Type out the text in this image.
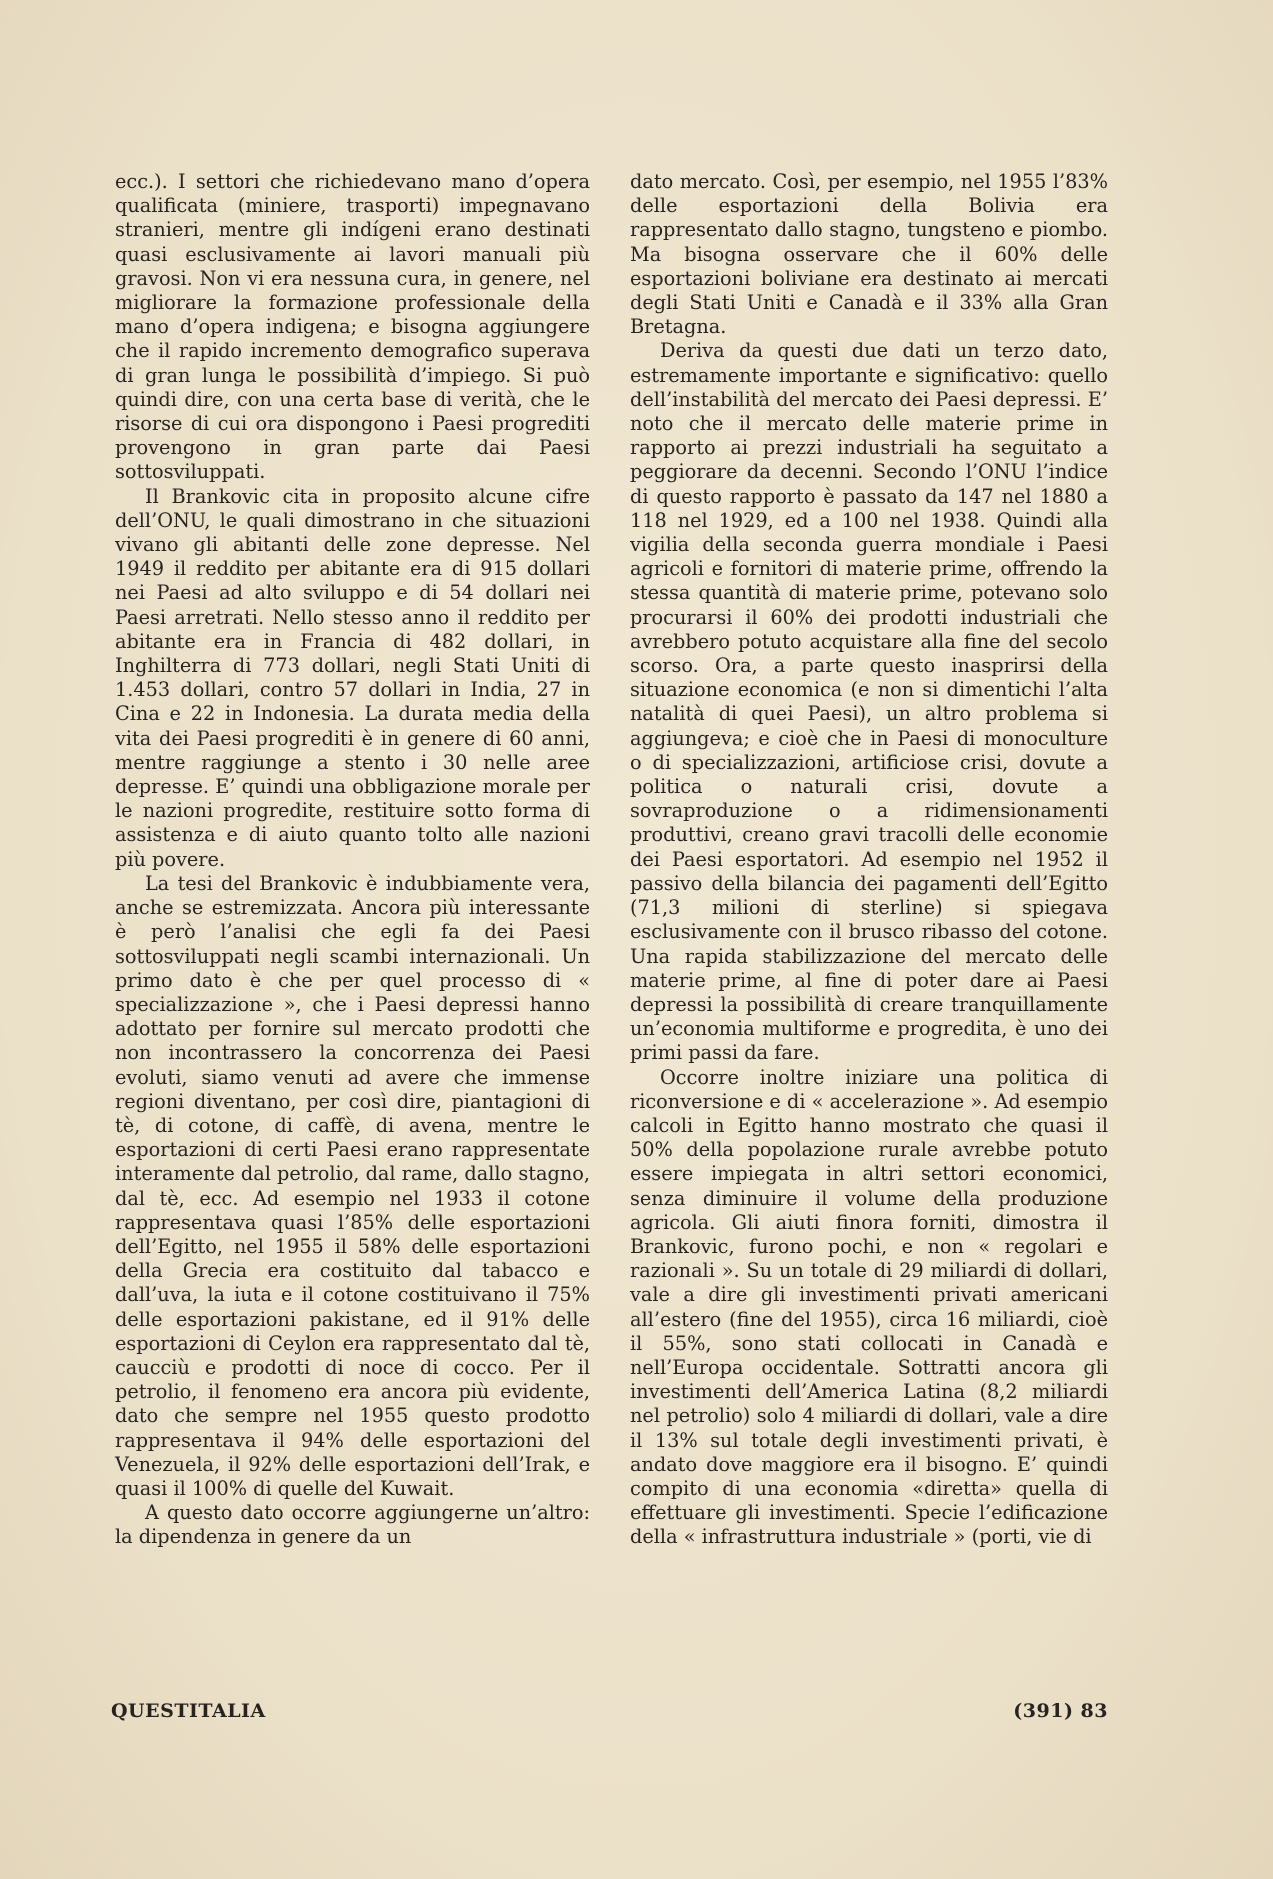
ecc.). I settori che richiedevano mano d’opera qualificata (miniere, trasporti) impegnavano stranieri, mentre gli indígeni erano destinati quasi esclusivamente ai lavori manuali più gravosi. Non vi era nessuna cura, in genere, nel migliorare la formazione professionale della mano d’opera indigena; e bisogna aggiungere che il rapido incremento demografico superava di gran lunga le possibilità d’impiego. Si può quindi dire, con una certa base di verità, che le risorse di cui ora dispongono i Paesi progrediti provengono in gran parte dai Paesi sottosviluppati.

Il Brankovic cita in proposito alcune cifre dell’ONU, le quali dimostrano in che situazioni vivano gli abitanti delle zone depresse. Nel 1949 il reddito per abitante era di 915 dollari nei Paesi ad alto sviluppo e di 54 dollari nei Paesi arretrati. Nello stesso anno il reddito per abitante era in Francia di 482 dollari, in Inghilterra di 773 dollari, negli Stati Uniti di 1.453 dollari, contro 57 dollari in India, 27 in Cina e 22 in Indonesia. La durata media della vita dei Paesi progrediti è in genere di 60 anni, mentre raggiunge a stento i 30 nelle aree depresse. E’ quindi una obbligazione morale per le nazioni progredite, restituire sotto forma di assistenza e di aiuto quanto tolto alle nazioni più povere.

La tesi del Brankovic è indubbiamente vera, anche se estremizzata. Ancora più interessante è però l’analisi che egli fa dei Paesi sottosviluppati negli scambi internazionali. Un primo dato è che per quel processo di « specializzazione », che i Paesi depressi hanno adottato per fornire sul mercato prodotti che non incontrassero la concorrenza dei Paesi evoluti, siamo venuti ad avere che immense regioni diventano, per così dire, piantagioni di tè, di cotone, di caffè, di avena, mentre le esportazioni di certi Paesi erano rappresentate interamente dal petrolio, dal rame, dallo stagno, dal tè, ecc. Ad esempio nel 1933 il cotone rappresentava quasi l’85% delle esportazioni dell’Egitto, nel 1955 il 58% delle esportazioni della Grecia era costituito dal tabacco e dall’uva, la iuta e il cotone costituivano il 75% delle esportazioni pakistane, ed il 91% delle esportazioni di Ceylon era rappresentato dal tè, caucciù e prodotti di noce di cocco. Per il petrolio, il fenomeno era ancora più evidente, dato che sempre nel 1955 questo prodotto rappresentava il 94% delle esportazioni del Venezuela, il 92% delle esportazioni dell’Irak, e quasi il 100% di quelle del Kuwait.

A questo dato occorre aggiungerne un’altro: la dipendenza in genere da un

dato mercato. Così, per esempio, nel 1955 l’83% delle esportazioni della Bolivia era rappresentato dallo stagno, tungsteno e piombo. Ma bisogna osservare che il 60% delle esportazioni boliviane era destinato ai mercati degli Stati Uniti e Canadà e il 33% alla Gran Bretagna.

Deriva da questi due dati un terzo dato, estremamente importante e significativo: quello dell’instabilità del mercato dei Paesi depressi. E’ noto che il mercato delle materie prime in rapporto ai prezzi industriali ha seguitato a peggiorare da decenni. Secondo l’ONU l’indice di questo rapporto è passato da 147 nel 1880 a 118 nel 1929, ed a 100 nel 1938. Quindi alla vigilia della seconda guerra mondiale i Paesi agricoli e fornitori di materie prime, offrendo la stessa quantità di materie prime, potevano solo procurarsi il 60% dei prodotti industriali che avrebbero potuto acquistare alla fine del secolo scorso. Ora, a parte questo inasprirsi della situazione economica (e non si dimentichi l’alta natalità di quei Paesi), un altro problema si aggiungeva; e cioè che in Paesi di monoculture o di specializzazioni, artificiose crisi, dovute a politica o naturali crisi, dovute a sovraproduzione o a ridimensionamenti produttivi, creano gravi tracolli delle economie dei Paesi esportatori. Ad esempio nel 1952 il passivo della bilancia dei pagamenti dell’Egitto (71,3 milioni di sterline) si spiegava esclusivamente con il brusco ribasso del cotone. Una rapida stabilizzazione del mercato delle materie prime, al fine di poter dare ai Paesi depressi la possibilità di creare tranquillamente un’economia multiforme e progredita, è uno dei primi passi da fare.

Occorre inoltre iniziare una politica di riconversione e di « accelerazione ». Ad esempio calcoli in Egitto hanno mostrato che quasi il 50% della popolazione rurale avrebbe potuto essere impiegata in altri settori economici, senza diminuire il volume della produzione agricola. Gli aiuti finora forniti, dimostra il Brankovic, furono pochi, e non « regolari e razionali ». Su un totale di 29 miliardi di dollari, vale a dire gli investimenti privati americani all’estero (fine del 1955), circa 16 miliardi, cioè il 55%, sono stati collocati in Canadà e nell’Europa occidentale. Sottratti ancora gli investimenti dell’America Latina (8,2 miliardi nel petrolio) solo 4 miliardi di dollari, vale a dire il 13% sul totale degli investimenti privati, è andato dove maggiore era il bisogno. E’ quindi compito di una economia «diretta» quella di effettuare gli investimenti. Specie l’edificazione della « infrastruttura industriale » (porti, vie di

QUESTITALIA	(391) 83
